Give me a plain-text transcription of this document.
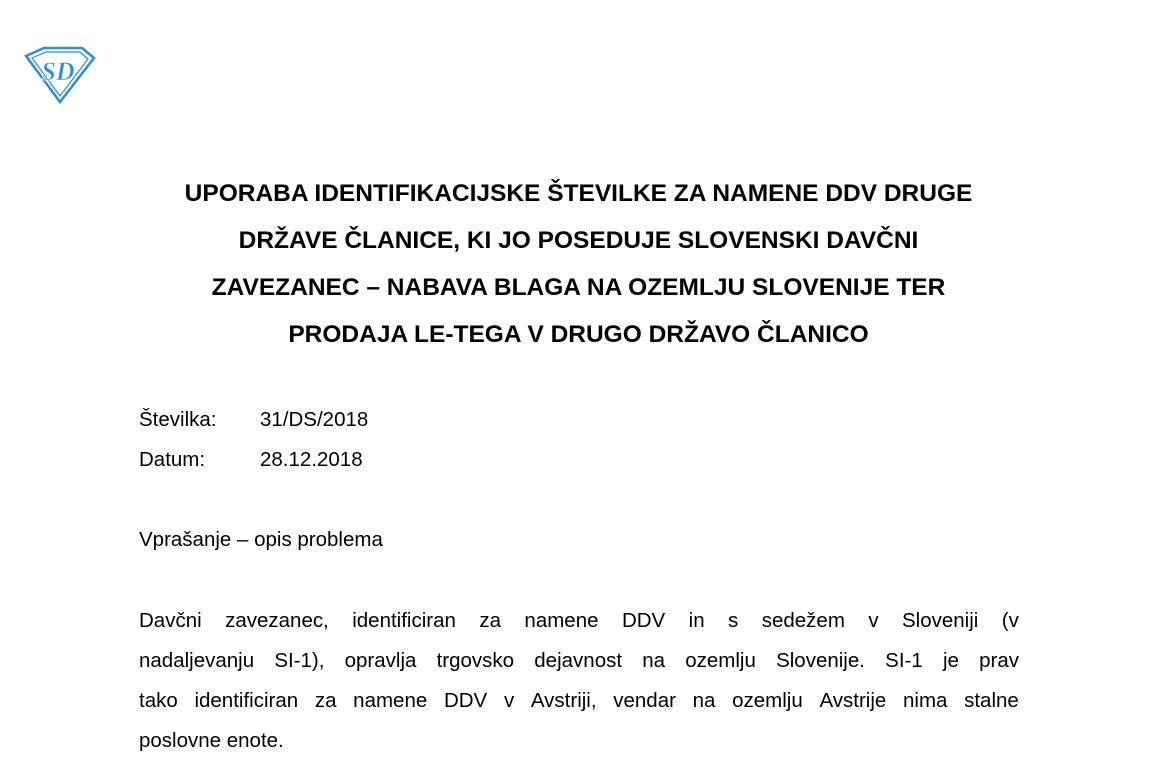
SD
UPORABA IDENTIFIKACIJSKE ŠTEVILKE ZA NAMENE DDV DRUGE
DRŽAVE ČLANICE, KI JO POSEDUJE SLOVENSKI DAVČNI
ZAVEZANEC – NABAVA BLAGA NA OZEMLJU SLOVENIJE TER
PRODAJA LE-TEGA V DRUGO DRŽAVO ČLANICO
Številka:	31/DS/2018
Datum:	28.12.2018
Vprašanje – opis problema
Davčni zavezanec, identificiran za namene DDV in s sedežem v Sloveniji (v
nadaljevanju SI-1), opravlja trgovsko dejavnost na ozemlju Slovenije. SI-1 je prav
tako identificiran za namene DDV v Avstriji, vendar na ozemlju Avstrije nima stalne
poslovne enote.
